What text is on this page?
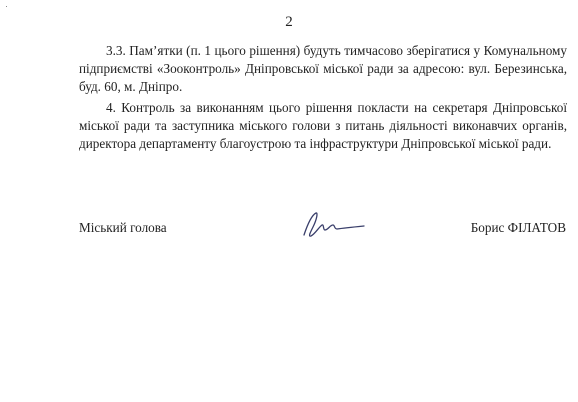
2

3.3. Пам’ятки (п. 1 цього рішення) будуть тимчасово зберігатися у Комунальному підприємстві «Зооконтроль» Дніпровської міської ради за адресою: вул. Березинська, буд. 60, м. Дніпро.

4. Контроль за виконанням цього рішення покласти на секретаря Дніпровської міської ради та заступника міського голови з питань діяльності виконавчих органів, директора департаменту благоустрою та інфраструктури Дніпровської міської ради.

Міський голова	Борис ФІЛАТОВ
